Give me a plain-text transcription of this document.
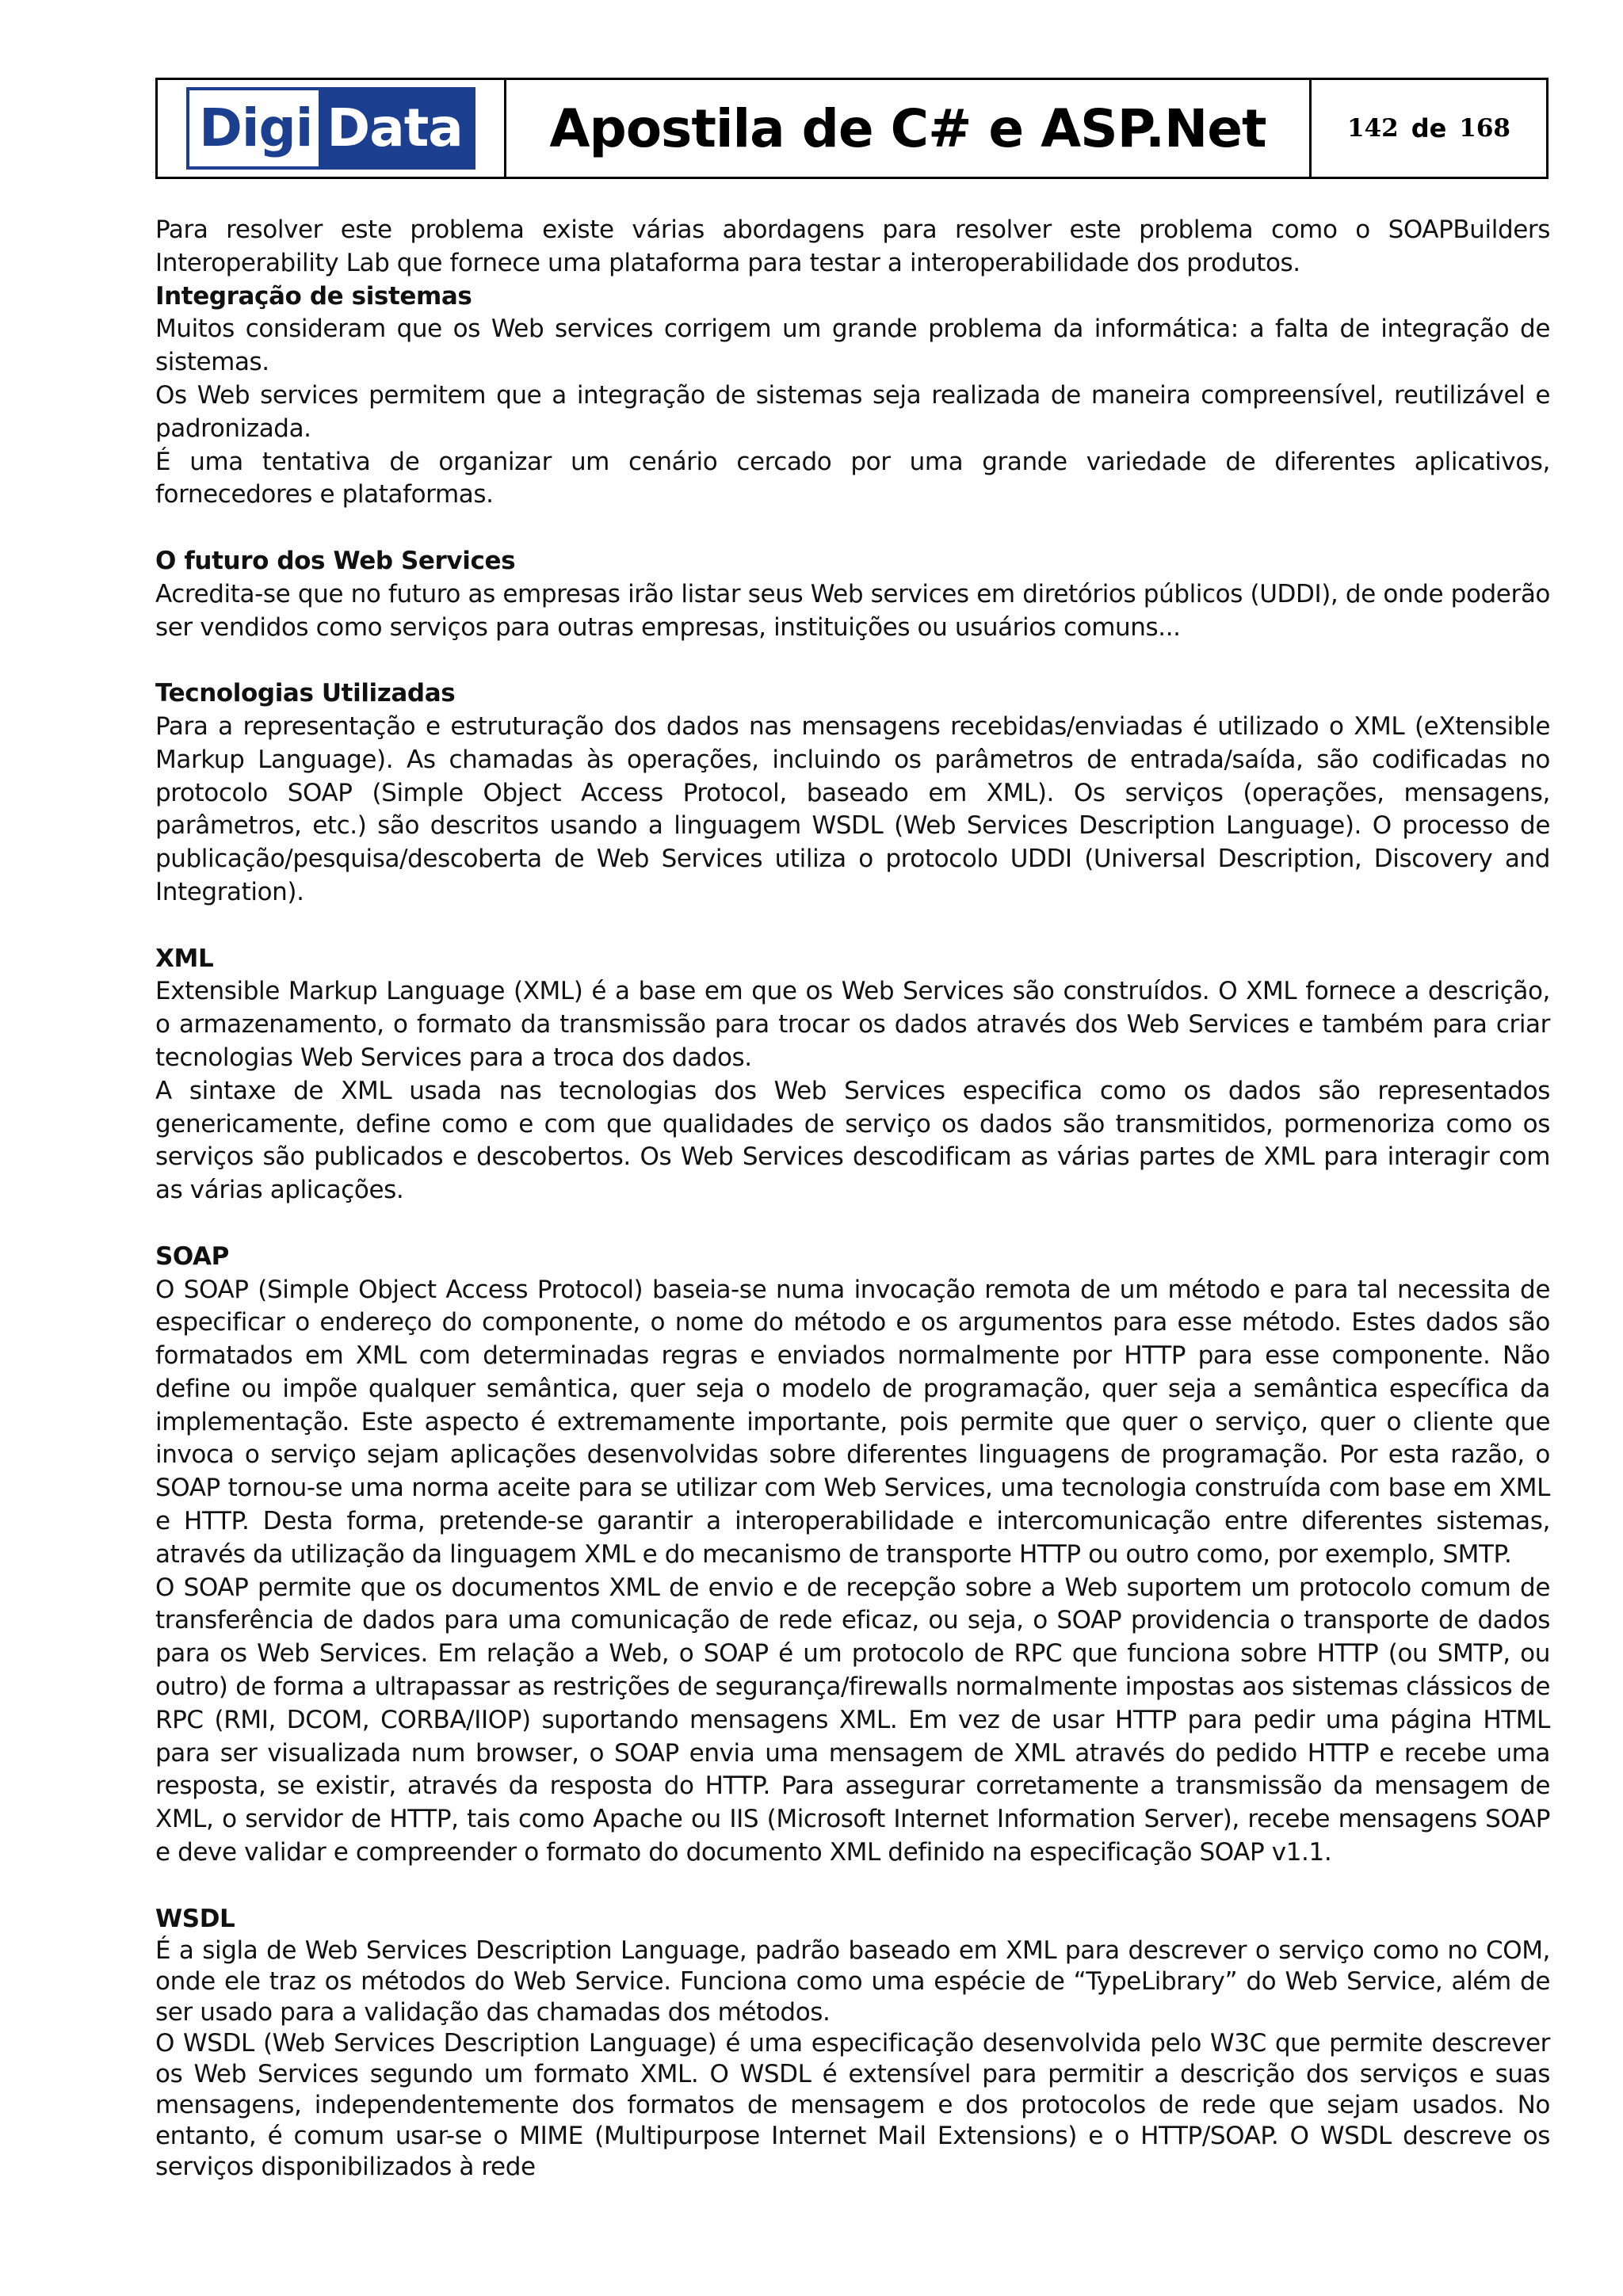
Digi Data Apostila de C# e ASP.Net	142 de 168

Para resolver este problema existe várias abordagens para resolver este problema como o SOAPBuilders Interoperability Lab que fornece uma plataforma para testar a interoperabilidade dos produtos.

Integração de sistemas

Muitos consideram que os Web services corrigem um grande problema da informática: a falta de integração de sistemas.

Os Web services permitem que a integração de sistemas seja realizada de maneira compreensível, reutilizável e padronizada.

É uma tentativa de organizar um cenário cercado por uma grande variedade de diferentes aplicativos, fornecedores e plataformas.

O futuro dos Web Services

Acredita-se que no futuro as empresas irão listar seus Web services em diretórios públicos (UDDI), de onde poderão ser vendidos como serviços para outras empresas, instituições ou usuários comuns...

Tecnologias Utilizadas

Para a representação e estruturação dos dados nas mensagens recebidas/enviadas é utilizado o XML (eXtensible Markup Language). As chamadas às operações, incluindo os parâmetros de entrada/saída, são codificadas no protocolo SOAP (Simple Object Access Protocol, baseado em XML). Os serviços (operações, mensagens, parâmetros, etc.) são descritos usando a linguagem WSDL (Web Services Description Language). O processo de publicação/pesquisa/descoberta de Web Services utiliza o protocolo UDDI (Universal Description, Discovery and Integration).

XML

Extensible Markup Language (XML) é a base em que os Web Services são construídos. O XML fornece a descrição, o armazenamento, o formato da transmissão para trocar os dados através dos Web Services e também para criar tecnologias Web Services para a troca dos dados.

A sintaxe de XML usada nas tecnologias dos Web Services especifica como os dados são representados genericamente, define como e com que qualidades de serviço os dados são transmitidos, pormenoriza como os serviços são publicados e descobertos. Os Web Services descodificam as várias partes de XML para interagir com as várias aplicações.

SOAP

O SOAP (Simple Object Access Protocol) baseia-se numa invocação remota de um método e para tal necessita de especificar o endereço do componente, o nome do método e os argumentos para esse método. Estes dados são formatados em XML com determinadas regras e enviados normalmente por HTTP para esse componente. Não define ou impõe qualquer semântica, quer seja o modelo de programação, quer seja a semântica específica da implementação. Este aspecto é extremamente importante, pois permite que quer o serviço, quer o cliente que invoca o serviço sejam aplicações desenvolvidas sobre diferentes linguagens de programação. Por esta razão, o SOAP tornou-se uma norma aceite para se utilizar com Web Services, uma tecnologia construída com base em XML e HTTP. Desta forma, pretende-se garantir a interoperabilidade e intercomunicação entre diferentes sistemas, através da utilização da linguagem XML e do mecanismo de transporte HTTP ou outro como, por exemplo, SMTP.

O SOAP permite que os documentos XML de envio e de recepção sobre a Web suportem um protocolo comum de transferência de dados para uma comunicação de rede eficaz, ou seja, o SOAP providencia o transporte de dados para os Web Services. Em relação a Web, o SOAP é um protocolo de RPC que funciona sobre HTTP (ou SMTP, ou outro) de forma a ultrapassar as restrições de segurança/firewalls normalmente impostas aos sistemas clássicos de RPC (RMI, DCOM, CORBA/IIOP) suportando mensagens XML. Em vez de usar HTTP para pedir uma página HTML para ser visualizada num browser, o SOAP envia uma mensagem de XML através do pedido HTTP e recebe uma resposta, se existir, através da resposta do HTTP. Para assegurar corretamente a transmissão da mensagem de XML, o servidor de HTTP, tais como Apache ou IIS (Microsoft Internet Information Server), recebe mensagens SOAP e deve validar e compreender o formato do documento XML definido na especificação SOAP v1.1.

WSDL

É a sigla de Web Services Description Language, padrão baseado em XML para descrever o serviço como no COM, onde ele traz os métodos do Web Service. Funciona como uma espécie de “TypeLibrary” do Web Service, além de ser usado para a validação das chamadas dos métodos.

O WSDL (Web Services Description Language) é uma especificação desenvolvida pelo W3C que permite descrever os Web Services segundo um formato XML. O WSDL é extensível para permitir a descrição dos serviços e suas mensagens, independentemente dos formatos de mensagem e dos protocolos de rede que sejam usados. No entanto, é comum usar-se o MIME (Multipurpose Internet Mail Extensions) e o HTTP/SOAP. O WSDL descreve os serviços disponibilizados à rede
